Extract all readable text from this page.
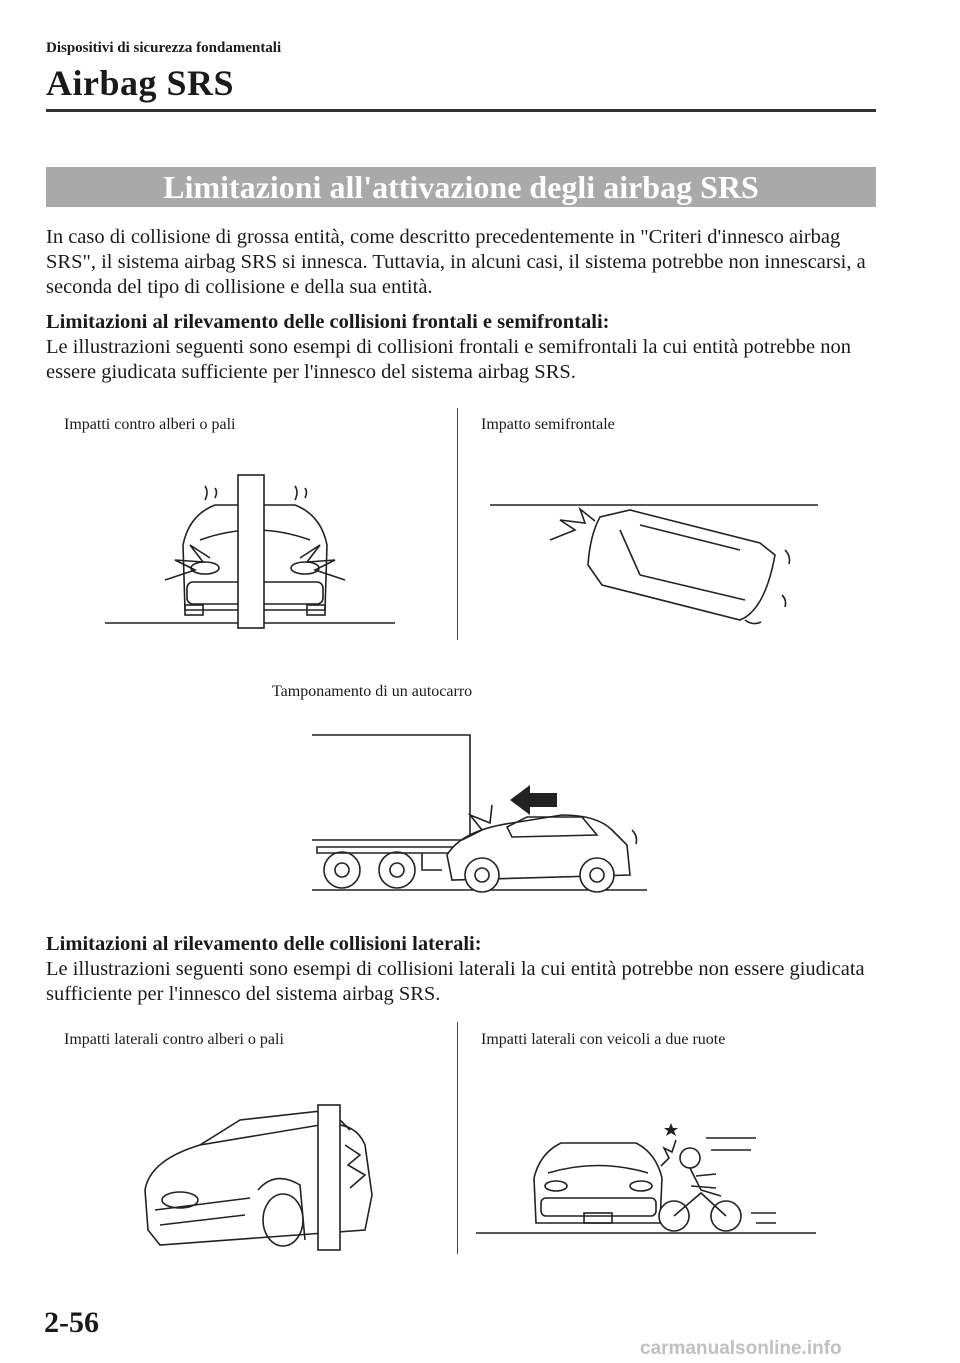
Dispositivi di sicurezza fondamentali
Airbag SRS
Limitazioni all'attivazione degli airbag SRS

In caso di collisione di grossa entità, come descritto precedentemente in "Criteri d'innesco airbag SRS", il sistema airbag SRS si innesca. Tuttavia, in alcuni casi, il sistema potrebbe non innescarsi, a seconda del tipo di collisione e della sua entità.

Limitazioni al rilevamento delle collisioni frontali e semifrontali:

Le illustrazioni seguenti sono esempi di collisioni frontali e semifrontali la cui entità potrebbe non essere giudicata sufficiente per l'innesco del sistema airbag SRS.

Impatti contro alberi o pali	Impatto semifrontale
Tamponamento di un autocarro

Limitazioni al rilevamento delle collisioni laterali:

Le illustrazioni seguenti sono esempi di collisioni laterali la cui entità potrebbe non essere giudicata sufficiente per l'innesco del sistema airbag SRS.

Impatti laterali contro alberi o pali	Impatti laterali con veicoli a due ruote
2-56
carmanualsonline.info
